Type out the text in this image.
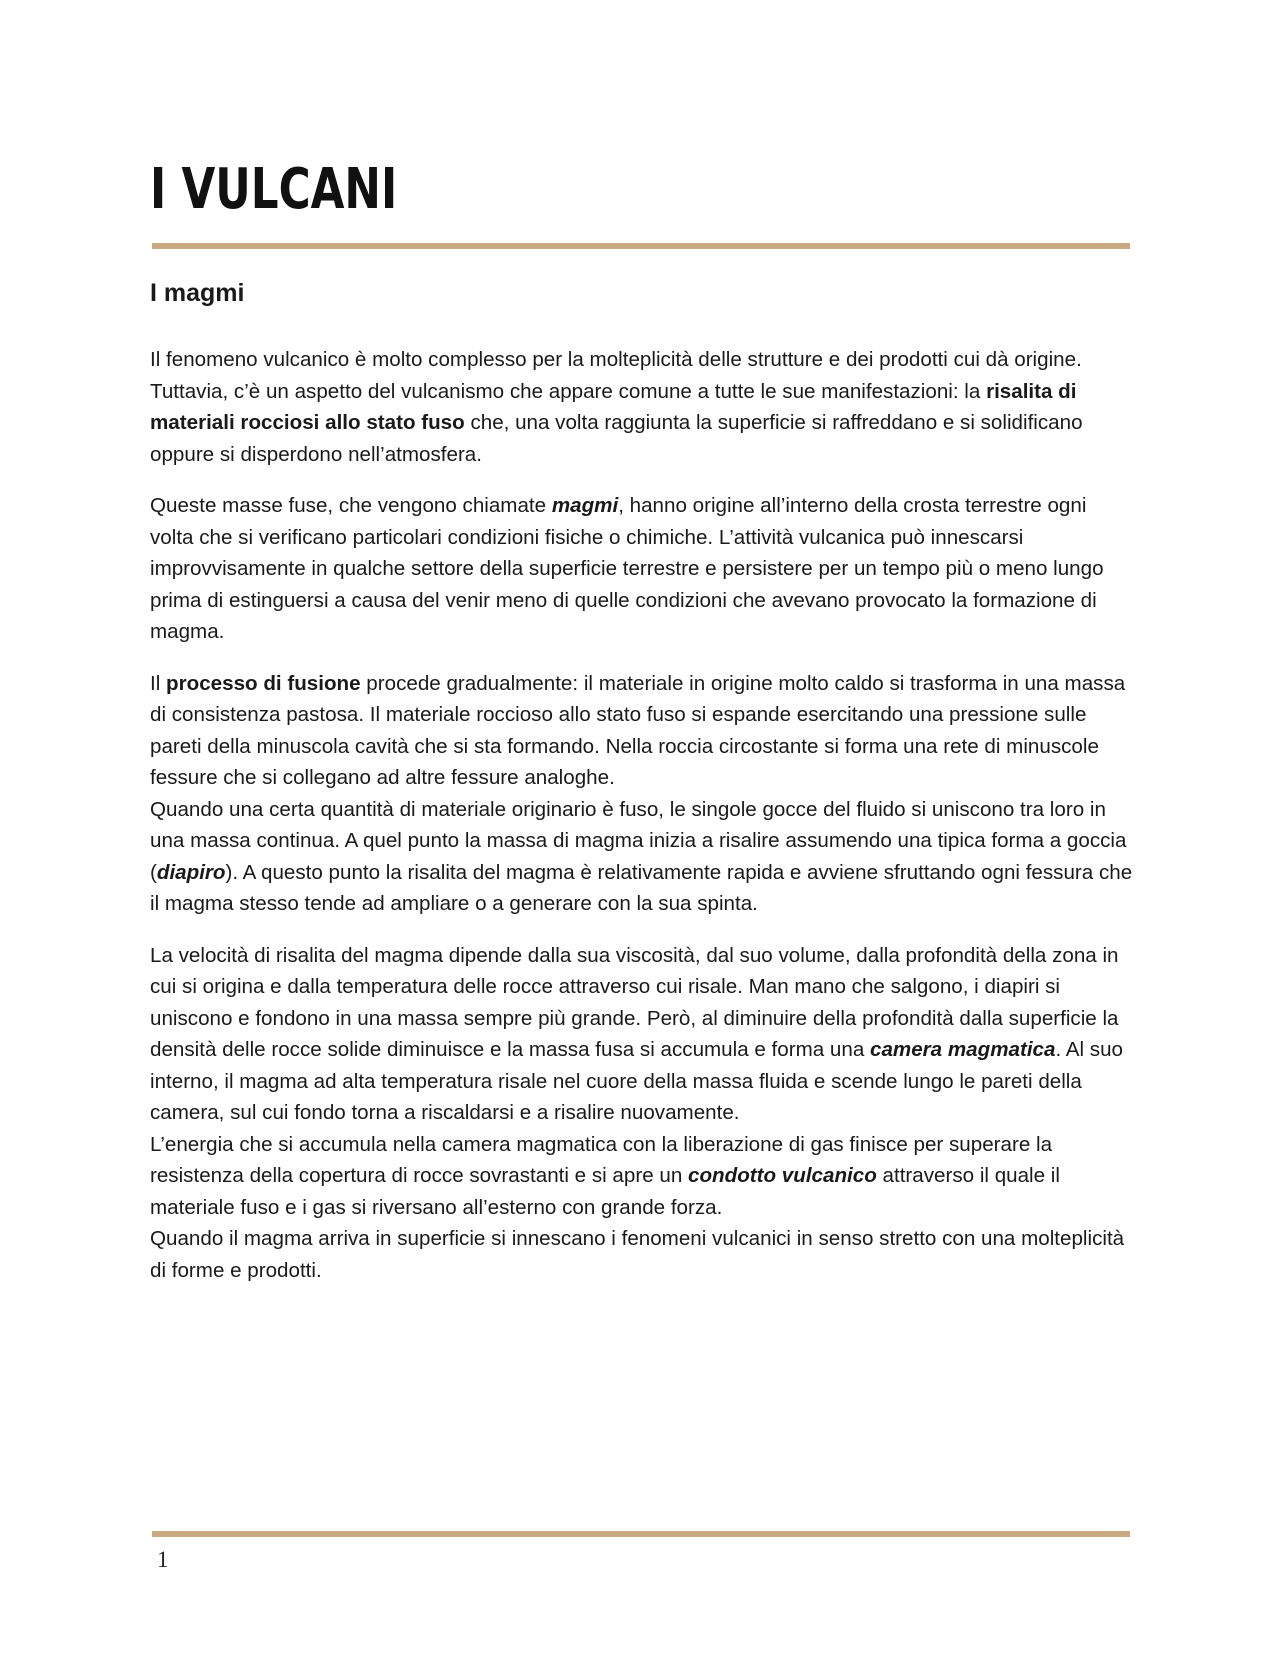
I VULCANI
I magmi

Il fenomeno vulcanico è molto complesso per la molteplicità delle strutture e dei prodotti cui dà origine. Tuttavia, c’è un aspetto del vulcanismo che appare comune a tutte le sue manifestazioni: la risalita di materiali rocciosi allo stato fuso che, una volta raggiunta la superficie si raffreddano e si solidificano oppure si disperdono nell’atmosfera.

Queste masse fuse, che vengono chiamate magmi, hanno origine all’interno della crosta terrestre ogni volta che si verificano particolari condizioni fisiche o chimiche. L’attività vulcanica può innescarsi improvvisamente in qualche settore della superficie terrestre e persistere per un tempo più o meno lungo prima di estinguersi a causa del venir meno di quelle condizioni che avevano provocato la formazione di magma.

Il processo di fusione procede gradualmente: il materiale in origine molto caldo si trasforma in una massa di consistenza pastosa. Il materiale roccioso allo stato fuso si espande esercitando una pressione sulle pareti della minuscola cavità che si sta formando. Nella roccia circostante si forma una rete di minuscole fessure che si collegano ad altre fessure analoghe.
Quando una certa quantità di materiale originario è fuso, le singole gocce del fluido si uniscono tra loro in una massa continua. A quel punto la massa di magma inizia a risalire assumendo una tipica forma a goccia (diapiro). A questo punto la risalita del magma è relativamente rapida e avviene sfruttando ogni fessura che il magma stesso tende ad ampliare o a generare con la sua spinta.

La velocità di risalita del magma dipende dalla sua viscosità, dal suo volume, dalla profondità della zona in cui si origina e dalla temperatura delle rocce attraverso cui risale. Man mano che salgono, i diapiri si uniscono e fondono in una massa sempre più grande. Però, al diminuire della profondità dalla superficie la densità delle rocce solide diminuisce e la massa fusa si accumula e forma una camera magmatica. Al suo interno, il magma ad alta temperatura risale nel cuore della massa fluida e scende lungo le pareti della camera, sul cui fondo torna a riscaldarsi e a risalire nuovamente.
L’energia che si accumula nella camera magmatica con la liberazione di gas finisce per superare la resistenza della copertura di rocce sovrastanti e si apre un condotto vulcanico attraverso il quale il materiale fuso e i gas si riversano all’esterno con grande forza.
Quando il magma arriva in superficie si innescano i fenomeni vulcanici in senso stretto con una molteplicità di forme e prodotti.

1
